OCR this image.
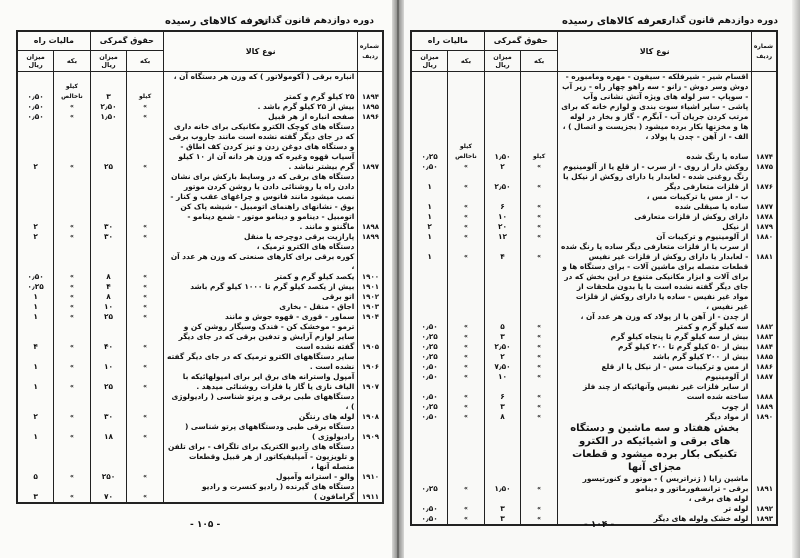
دوره دوازدهم قانون گذاری
تعرفه کالاهای رسیده
شماره ردیف	نوع کالا	حقوق گمرکی		مالیات راه	
		بکه	میزان ریال	بکه	میزان ریال
	انباره برقی ( آکومولاتور ) که وزن هر دستگاه آن ،				
۱۸۹۴	۲۵ کیلو گرم و کمتر	کیلو	۳	کیلو ناخالص	۰٫۵۰
۱۸۹۵	بیش از ۲۵ کیلو گرم باشد .	»	۲٫۵۰	»	۰٫۵۰
۱۸۹۶	صفحه انباره از هر قبیل	»	۱٫۵۰	»	۰٫۵۰
۱۸۹۷	دستگاه های کوچک الکترو مکانیکی برای خانه داری که در جای دیگر گفته نشده است مانند جاروب برقی و دستگاه های دوغن زدن و تیز کردن کف اطاق - آسیاب قهوه وغیره که وزن هر دانه آن از ۱۰ کیلو گرم بیشتر نباشد .	»	۲۵	»	۲
۱۸۹۸	دستگاه های برقی که در وسایط بارکش برای نشان دادن راه یا روشنائی دادن یا روشن کردن موتور نصب میشود مانند فانوس و چراغهای عقب و کنار - بوق - نشانهای راهنمای اتومبیل - شیشه پاک کن اتومبیل - دینامو و دینامو موتور - شمع دینامو - ماگنتو و مانند .	»	۳۰	»	۲
۱۸۹۹	پارازیت برقی دوچرخه یا منقل	»	۳۰	»	۲
	دستگاه های الکترو ترمیک ،				
	کوره برقی برای کارهای صنعتی که وزن هر عدد آن ،				
۱۹۰۰	یکصد کیلو گرم و کمتر	»	۸	»	۰٫۵۰
۱۹۰۱	بیش از یکصد کیلو گرم تا ۱۰۰۰ کیلو گرم باشد	»	۴	»	۰٫۲۵
۱۹۰۲	اتو برقی	»	۸	»	۱
۱۹۰۳	اجاق - منقل - بخاری	»	۱۰	»	۱
۱۹۰۴	سماور - قوری - قهوه جوش و مانند	»	۲۵	»	۱
۱۹۰۵	ترمو - موخشک کن - فندک وسیگار روشن کن و سایر لوازم آرایش و تدفین برقی که در جای دیگر گفته نشده است	»	۴۰	»	۴
۱۹۰۶	سایر دستگاههای الکترو ترمیک که در جای دیگر گفته نشده است .	»	۱۰	»	۱
۱۹۰۷	آمپول واسترانه های برق ایر برای امپولهائیکه با الیاف نازی یا گاز یا فلزات روشنائی میدهد .	»	۲۵	»	۱
	دستگاههای طبی برقی و پرتو شناسی ( رادیولوژی ) ،				
۱۹۰۸	لوله های رنتگن	»	۳۰	»	۲
۱۹۰۹	دستگاه برقی طبی ودستگاههای پرتو شناسی ( رادیولوژی )	»	۱۸	»	۱
	دستگاه های رادیو الکتریک برای تلگراف - برای تلفن و تلویزیون - آمپلیفیکاتور از هر قبیل وقطعات متصله آنها ،				
۱۹۱۰	والو - استرانه وآمپول	»	۲۵۰	»	۵
۱۹۱۱	دستگاه های گیرنده ( رادیو کنسرت و رادیو گرامافون )	»	۷۰	»	۳
- ۱۰۵ -
دوره دوازدهم قانون گذاری
تعرفه کالاهای رسیده
شماره ردیف	نوع کالا	حقوق گمرکی		مالیات راه	
		بکه	میزان ریال	بکه	میزان ریال
	اقسام شیر - شیرفلکه - سیفون - مهره ومامبوره - دوش وسر دوش - زانو - سه راهو چهار راه - زیر آب - سوپاپ - سر لوله های ویژه آتش نشانی وآب پاشی - سایر اشیاء سوت بندی و لوازم خانه که برای مرتب کردن جریان آب - آبگرم - گاز و بخار در لوله ها و مخزنها بکار برده میشود ( بجزیست و اتصال ) ،				
	الف - از آهن - چدن یا پولاد ،				
۱۸۷۴	ساده یا رنگ شده	کیلو	۱٫۵۰	کیلو ناخالص	۰٫۲۵
۱۸۷۵	روکش دار از روی - از سرب - از قلع یا از آلومینیوم	»	۲	»	۰٫۵۰
۱۸۷۶	رنگ روغنی شده - لعابدار یا دارای روکش از نیکل یا از فلزات متعارفی دیگر	»	۲٫۵۰	»	۱
	ب - از مس یا ترکیبات مس ،				
۱۸۷۷	ساده یا صیقلی شده	»	۶	»	۱
۱۸۷۸	دارای روکش از فلزات متعارفی	»	۱۰	»	۱
۱۸۷۹	از نیکل	»	۲۰	»	۲
۱۸۸۰	از آلومینیوم و ترکیبات آن	»	۱۲	»	۱
۱۸۸۱	از سرب یا از فلزات متعارفی دیگر ساده یا رنگ شده - لعابدار یا دارای روکش از فلزات غیر نفیس	»	۴	»	۱
	قطعات متصله برای ماشین آلات - برای دستگاه ها و برای آلات و ابزار مکانیکی متنوع در این بخش که در جای دیگر گفته نشده است با یا بدون ملحقات از مواد غیر نفیس - ساده یا دارای روکش از فلزات غیر نفیس ،				
	از چدن - از آهن یا از پولاد که وزن هر عدد آن ،				
۱۸۸۲	سه کیلو گرم و کمتر	»	۵	»	۰٫۵۰
۱۸۸۳	بیش از سه کیلو گرم تا پنجاه کیلو گرم	»	۳	»	۰٫۲۵
۱۸۸۴	بیش از ۵۰ کیلو گرم تا ۲۰۰ کیلو گرم	»	۲٫۵۰	»	۰٫۲۵
۱۸۸۵	بیش از ۲۰۰ کیلو گرم باشد	»	۲	»	۰٫۲۵
۱۸۸۶	از مس و ترکیبات مس - از نیکل یا از قلع	»	۷٫۵۰	»	۰٫۵۰
۱۸۸۷	از آلومینیوم	»	۱۰	»	۰٫۵۰
۱۸۸۸	از سایر فلزات غیر نفیس وآنهائیکه از چند فلز ساخته شده است	»	۶	»	۰٫۵۰
۱۸۸۹	از چوب	»	۳	»	۰٫۲۵
۱۸۹۰	از مواد دیگر	»	۸	»	۰٫۵۰
	بخش هفتاد و سه ماشین و دستگاه های برقی و اشیائیکه در الکترو تکنیکی بکار برده میشود و قطعات مجزای آنها				
۱۸۹۱	ماشین زایا ( ژنراتریس ) - موتور و کنورتیسور برقی - ترانسفورماتور و دینامو	»	۱٫۵۰	»	۰٫۲۵
	لوله های برقی ،				
۱۸۹۲	لوله تر	»	۳	»	۰٫۵۰
۱۸۹۳	لوله خشک ولوله های دیگر	»	۳	»	۰٫۵۰
- ۱۰۴ -
